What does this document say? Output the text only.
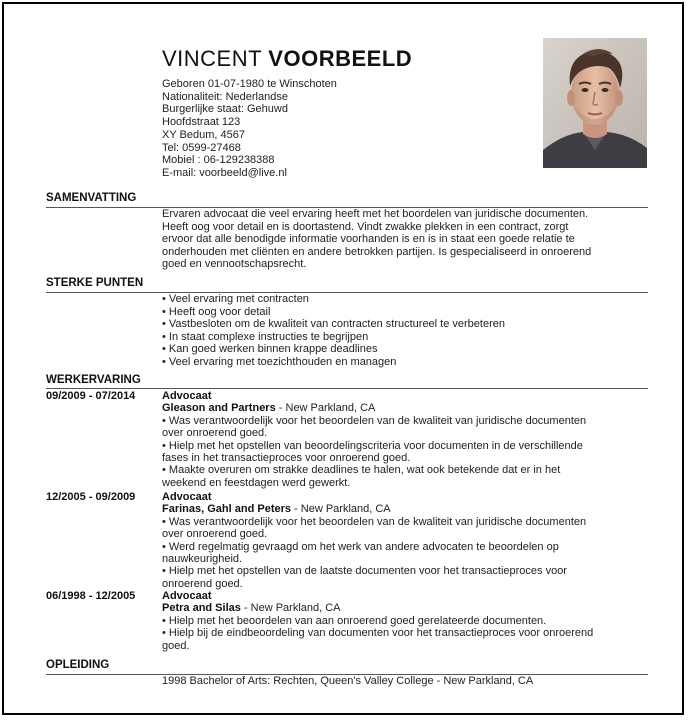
VINCENT VOORBEELD
Geboren 01-07-1980 te Winschoten
Nationaliteit: Nederlandse
Burgerlijke staat: Gehuwd
Hoofdstraat 123
XY Bedum, 4567
Tel: 0599-27468
Mobiel : 06-129238388
E-mail: voorbeeld@live.nl
SAMENVATTING
Ervaren advocaat die veel ervaring heeft met het boordelen van juridische documenten.
Heeft oog voor detail en is doortastend. Vindt zwakke plekken in een contract, zorgt
ervoor dat alle benodigde informatie voorhanden is en is in staat een goede relatie te
onderhouden met cliënten en andere betrokken partijen. Is gespecialiseerd in onroerend
goed en vennootschapsrecht.
STERKE PUNTEN
• Veel ervaring met contracten
• Heeft oog voor detail
• Vastbesloten om de kwaliteit van contracten structureel te verbeteren
• In staat complexe instructies te begrijpen
• Kan goed werken binnen krappe deadlines
• Veel ervaring met toezichthouden en managen
WERKERVARING
09/2009 - 07/2014 Advocaat
Gleason and Partners - New Parkland, CA
• Was verantwoordelijk voor het beoordelen van de kwaliteit van juridische documenten
over onroerend goed.
• Hielp met het opstellen van beoordelingscriteria voor documenten in de verschillende
fases in het transactieproces voor onroerend goed.
• Maakte overuren om strakke deadlines te halen, wat ook betekende dat er in het
weekend en feestdagen werd gewerkt.
12/2005 - 09/2009 Advocaat
Farinas, Gahl and Peters - New Parkland, CA
• Was verantwoordelijk voor het beoordelen van de kwaliteit van juridische documenten
over onroerend goed.
• Werd regelmatig gevraagd om het werk van andere advocaten te beoordelen op
nauwkeurigheid.
• Hielp met het opstellen van de laatste documenten voor het transactieproces voor
onroerend goed.
06/1998 - 12/2005 Advocaat
Petra and Silas - New Parkland, CA
• Hielp met het beoordelen van aan onroerend goed gerelateerde documenten.
• Hielp bij de eindbeoordeling van documenten voor het transactieproces voor onroerend
goed.
OPLEIDING
1998 Bachelor of Arts: Rechten, Queen's Valley College - New Parkland, CA
